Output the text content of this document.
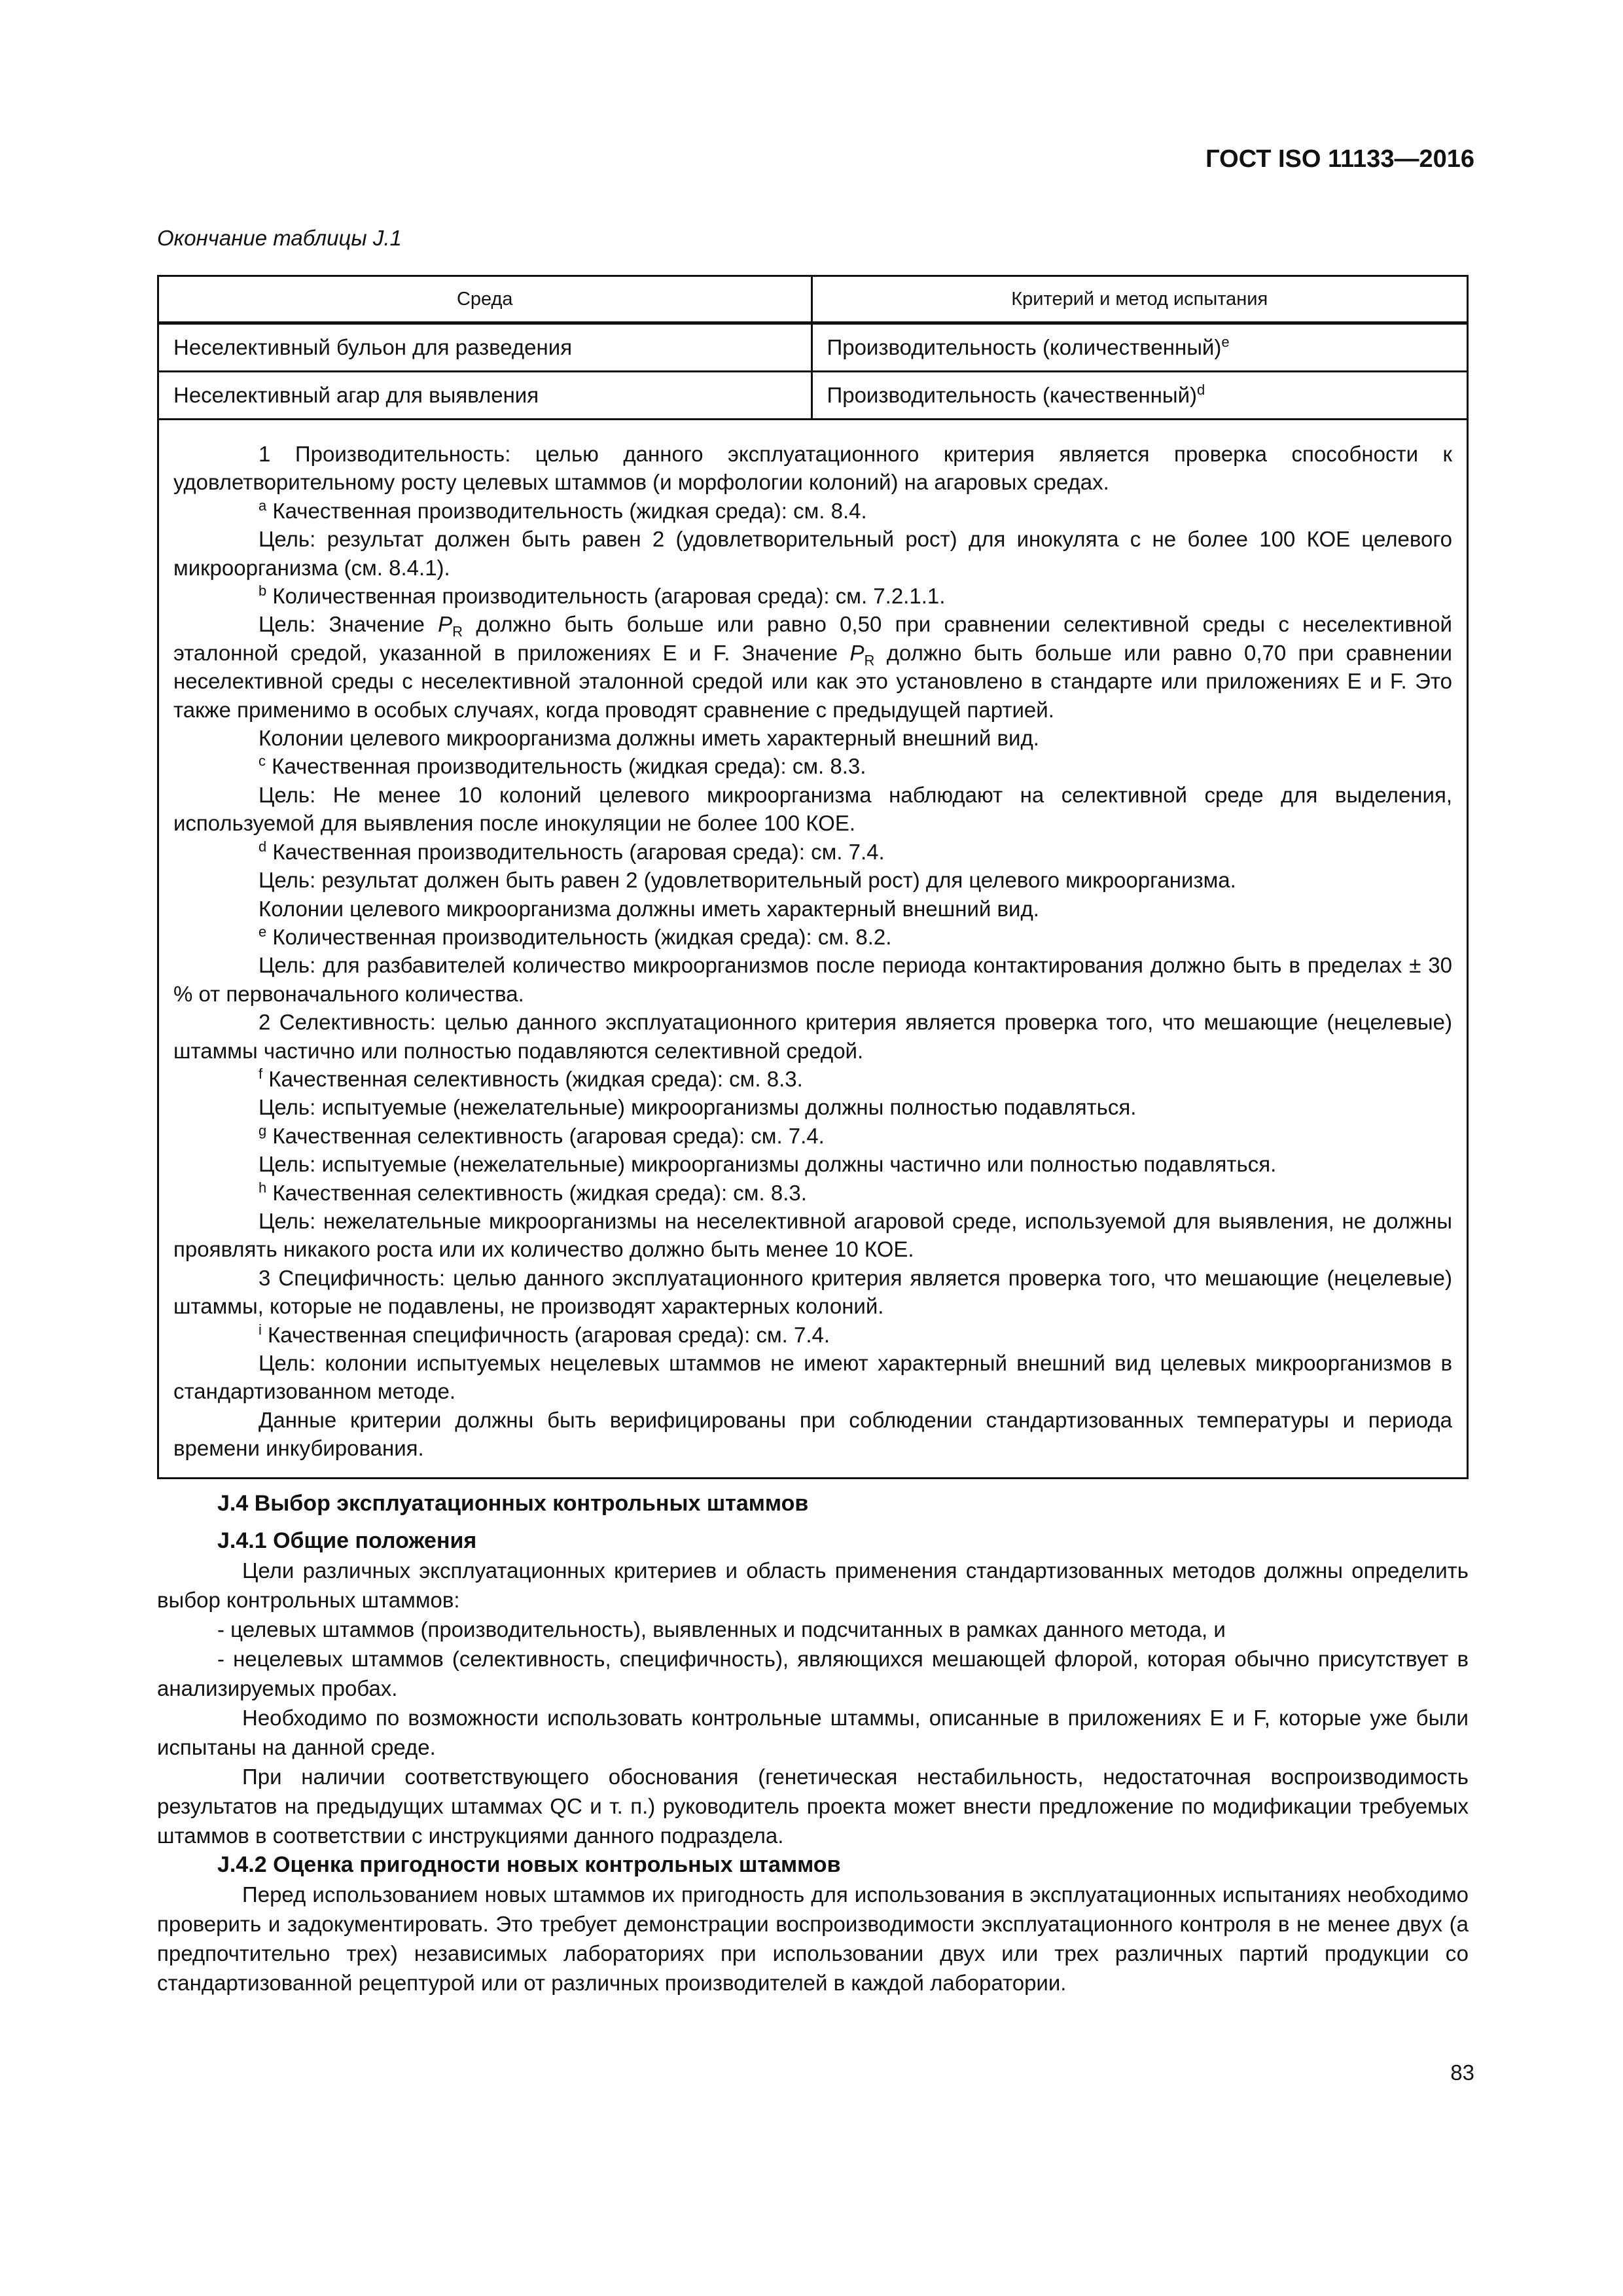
ГОСТ ISO 11133—2016
Окончание таблицы J.1
Среда	Критерий и метод испытания
Неселективный бульон для разведения	Производительность (количественный)$^e$
Неселективный агар для выявления	Производительность (качественный)$^d$

1 Производительность: целью данного эксплуатационного критерия является проверка способности к удовлетворительному росту целевых штаммов (и морфологии колоний) на агаровых средах.

$^a$ Качественная производительность (жидкая среда): см. 8.4.

Цель: результат должен быть равен 2 (удовлетворительный рост) для инокулята с не более 100 КОЕ целевого микроорганизма (см. 8.4.1).

$^b$ Количественная производительность (агаровая среда): см. 7.2.1.1.

Цель: Значение $P_R$ должно быть больше или равно 0,50 при сравнении селективной среды с неселективной эталонной средой, указанной в приложениях E и F. Значение $P_R$ должно быть больше или равно 0,70 при сравнении неселективной среды с неселективной эталонной средой или как это установлено в стандарте или приложениях E и F. Это также применимо в особых случаях, когда проводят сравнение с предыдущей партией.

Колонии целевого микроорганизма должны иметь характерный внешний вид.

$^c$ Качественная производительность (жидкая среда): см. 8.3.

Цель: Не менее 10 колоний целевого микроорганизма наблюдают на селективной среде для выделения, используемой для выявления после инокуляции не более 100 КОЕ.

$^d$ Качественная производительность (агаровая среда): см. 7.4.

Цель: результат должен быть равен 2 (удовлетворительный рост) для целевого микроорганизма.

Колонии целевого микроорганизма должны иметь характерный внешний вид.

$^e$ Количественная производительность (жидкая среда): см. 8.2.

Цель: для разбавителей количество микроорганизмов после периода контактирования должно быть в пределах ± 30 % от первоначального количества.

2 Селективность: целью данного эксплуатационного критерия является проверка того, что мешающие (нецелевые) штаммы частично или полностью подавляются селективной средой.

$^f$ Качественная селективность (жидкая среда): см. 8.3.

Цель: испытуемые (нежелательные) микроорганизмы должны полностью подавляться.

$^g$ Качественная селективность (агаровая среда): см. 7.4.

Цель: испытуемые (нежелательные) микроорганизмы должны частично или полностью подавляться.

$^h$ Качественная селективность (жидкая среда): см. 8.3.

Цель: нежелательные микроорганизмы на неселективной агаровой среде, используемой для выявления, не должны проявлять никакого роста или их количество должно быть менее 10 КОЕ.

3 Специфичность: целью данного эксплуатационного критерия является проверка того, что мешающие (нецелевые) штаммы, которые не подавлены, не производят характерных колоний.

$^i$ Качественная специфичность (агаровая среда): см. 7.4.

Цель: колонии испытуемых нецелевых штаммов не имеют характерный внешний вид целевых микроорганизмов в стандартизованном методе.

Данные критерии должны быть верифицированы при соблюдении стандартизованных температуры и периода времени инкубирования.

J.4 Выбор эксплуатационных контрольных штаммов
J.4.1 Общие положения

Цели различных эксплуатационных критериев и область применения стандартизованных методов должны определить выбор контрольных штаммов:

- целевых штаммов (производительность), выявленных и подсчитанных в рамках данного метода, и

- нецелевых штаммов (селективность, специфичность), являющихся мешающей флорой, которая обычно присутствует в анализируемых пробах.

Необходимо по возможности использовать контрольные штаммы, описанные в приложениях E и F, которые уже были испытаны на данной среде.

При наличии соответствующего обоснования (генетическая нестабильность, недостаточная воспроизводимость результатов на предыдущих штаммах QC и т. п.) руководитель проекта может внести предложение по модификации требуемых штаммов в соответствии с инструкциями данного подраздела.

J.4.2 Оценка пригодности новых контрольных штаммов

Перед использованием новых штаммов их пригодность для использования в эксплуатационных испытаниях необходимо проверить и задокументировать. Это требует демонстрации воспроизводимости эксплуатационного контроля в не менее двух (а предпочтительно трех) независимых лабораториях при использовании двух или трех различных партий продукции со стандартизованной рецептурой или от различных производителей в каждой лаборатории.

83
